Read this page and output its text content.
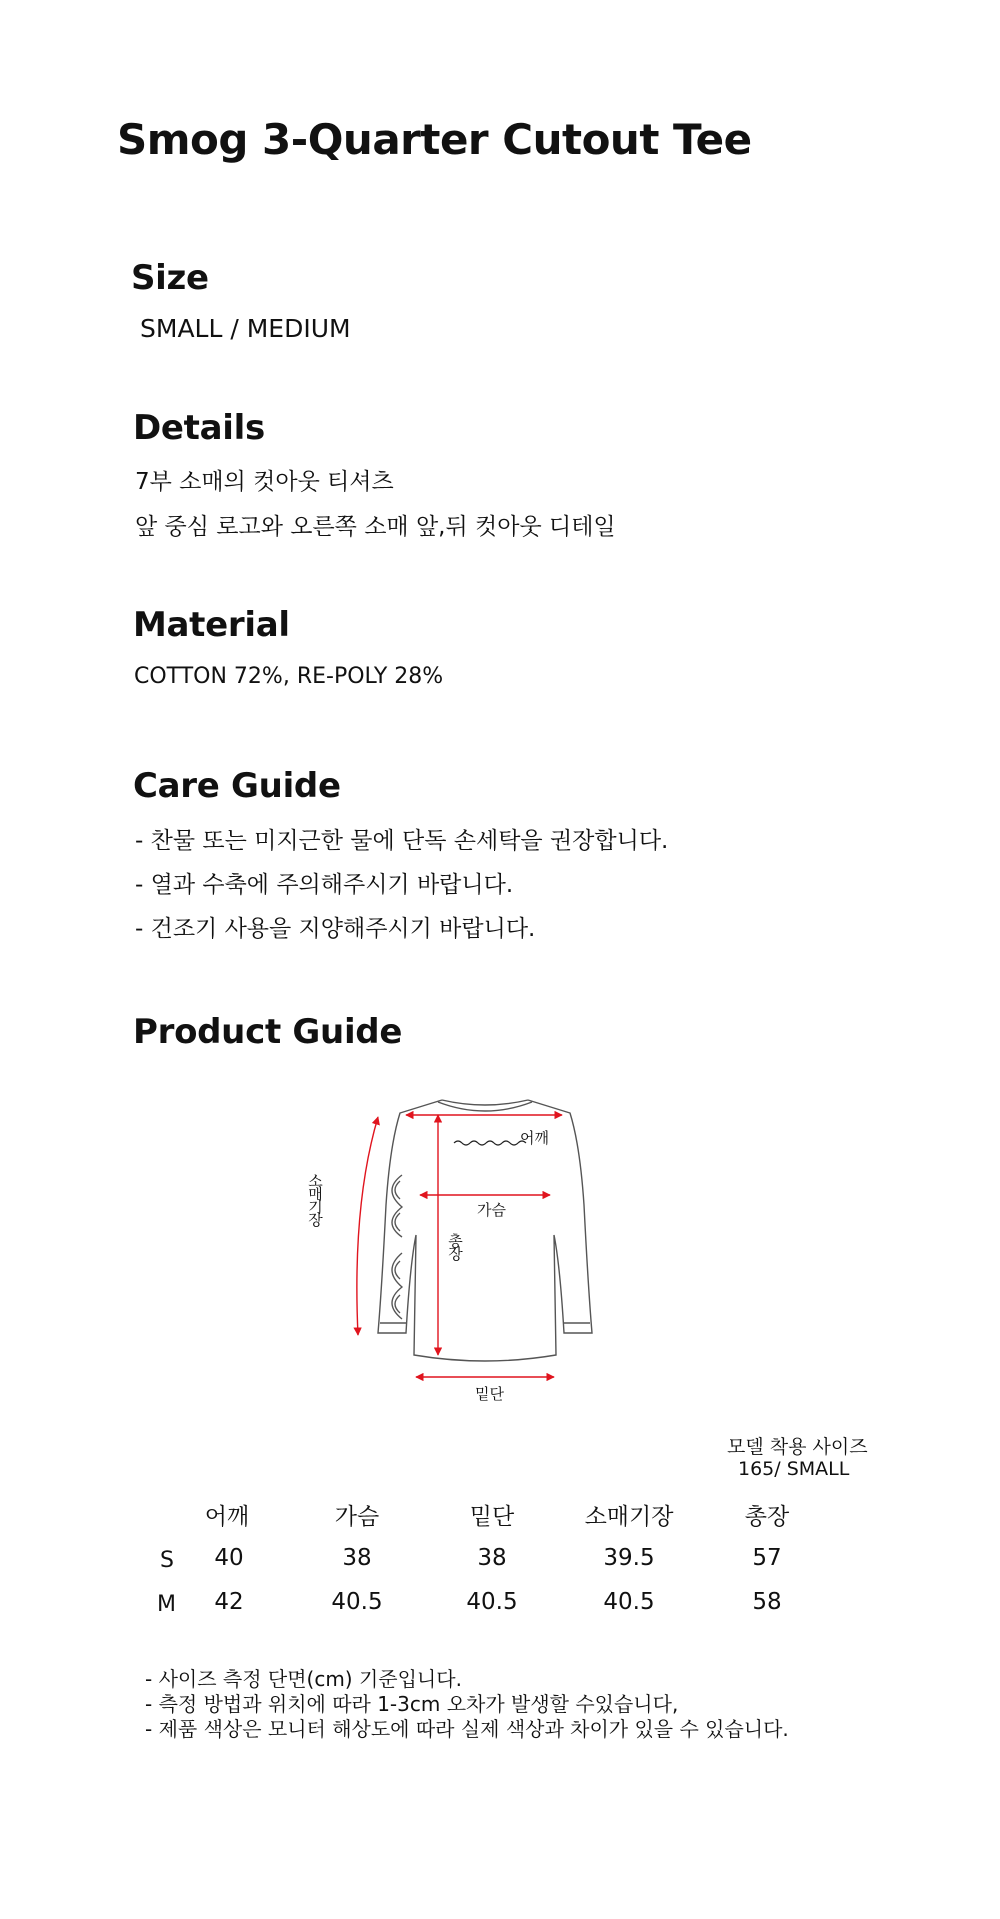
Smog 3-Quarter Cutout Tee
Size

SMALL / MEDIUM

Details

7부 소매의 컷아웃 티셔츠

앞 중심 로고와 오른쪽 소매 앞,뒤 컷아웃 디테일

Material

COTTON 72%, RE-POLY 28%

Care Guide

- 찬물 또는 미지근한 물에 단독 손세탁을 권장합니다.

- 열과 수축에 주의해주시기 바랍니다.

- 건조기 사용을 지양해주시기 바랍니다.

Product Guide
어깨
가슴
밑단
소매기장
총장
모델 착용 사이즈
165/ SMALL
어깨	가슴	밑단	소매기장	총장
S 40	38	38	39.5	57
M 42	40.5	40.5	40.5	58
- 사이즈 측정 단면(cm) 기준입니다.
- 측정 방법과 위치에 따라 1-3cm 오차가 발생할 수있습니다,
- 제품 색상은 모니터 해상도에 따라 실제 색상과 차이가 있을 수 있습니다.
